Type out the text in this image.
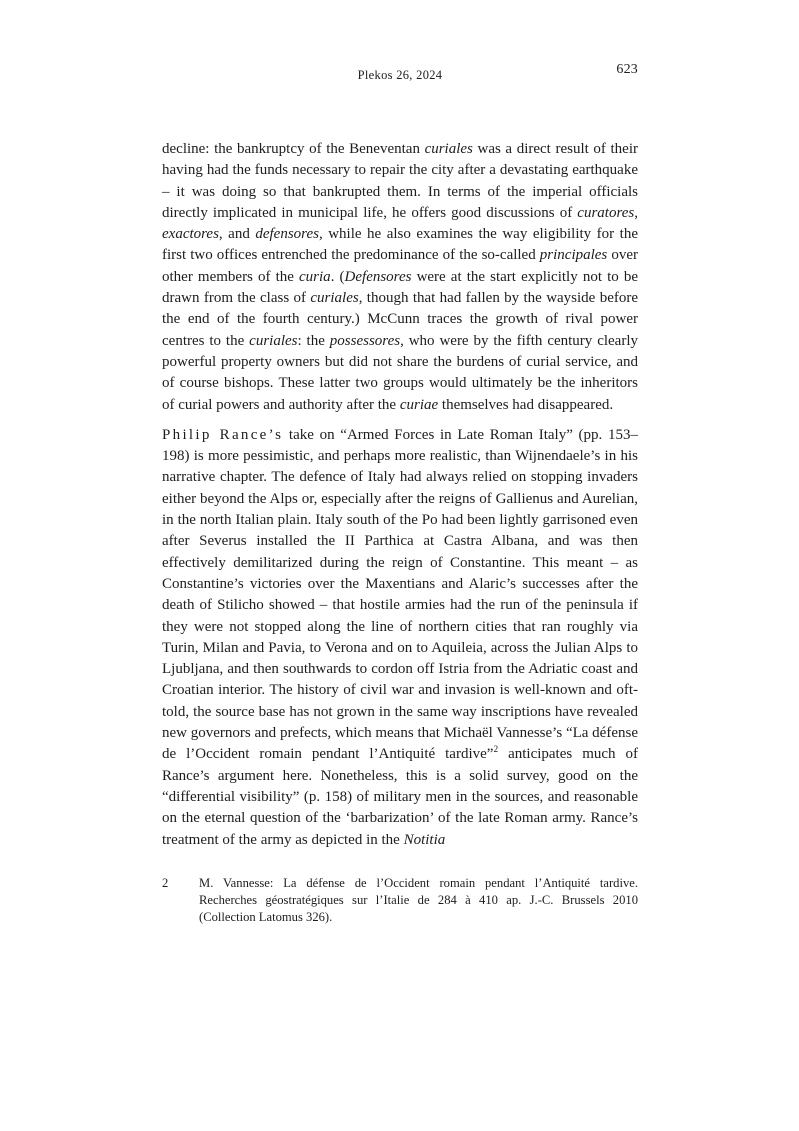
Plekos 26, 2024	623

decline: the bankruptcy of the Beneventan curiales was a direct result of their having had the funds necessary to repair the city after a devastating earthquake – it was doing so that bankrupted them. In terms of the imperial officials directly implicated in municipal life, he offers good discussions of curatores, exactores, and defensores, while he also examines the way eligibility for the first two offices entrenched the predominance of the so-called principales over other members of the curia. (Defensores were at the start explicitly not to be drawn from the class of curiales, though that had fallen by the wayside before the end of the fourth century.) McCunn traces the growth of rival power centres to the curiales: the possessores, who were by the fifth century clearly powerful property owners but did not share the burdens of curial service, and of course bishops. These latter two groups would ultimately be the inheritors of curial powers and authority after the curiae themselves had disappeared.

Philip Rance’s take on “Armed Forces in Late Roman Italy” (pp. 153–198) is more pessimistic, and perhaps more realistic, than Wijnendaele’s in his narrative chapter. The defence of Italy had always relied on stopping invaders either beyond the Alps or, especially after the reigns of Gallienus and Aurelian, in the north Italian plain. Italy south of the Po had been lightly garrisoned even after Severus installed the II Parthica at Castra Albana, and was then effectively demilitarized during the reign of Constantine. This meant – as Constantine’s victories over the Maxentians and Alaric’s successes after the death of Stilicho showed – that hostile armies had the run of the peninsula if they were not stopped along the line of northern cities that ran roughly via Turin, Milan and Pavia, to Verona and on to Aquileia, across the Julian Alps to Ljubljana, and then southwards to cordon off Istria from the Adriatic coast and Croatian interior. The history of civil war and invasion is well-known and oft-told, the source base has not grown in the same way inscriptions have revealed new governors and prefects, which means that Michaël Vannesse’s “La défense de l’Occident romain pendant l’Antiquité tardive”$^2$ anticipates much of Rance’s argument here. Nonetheless, this is a solid survey, good on the “differential visibility” (p. 158) of military men in the sources, and reasonable on the eternal question of the ‘barbarization’ of the late Roman army. Rance’s treatment of the army as depicted in the Notitia

2	M. Vannesse: La défense de l’Occident romain pendant l’Antiquité tardive. Recherches géostratégiques sur l’Italie de 284 à 410 ap. J.-C. Brussels 2010 (Collection Latomus 326).
